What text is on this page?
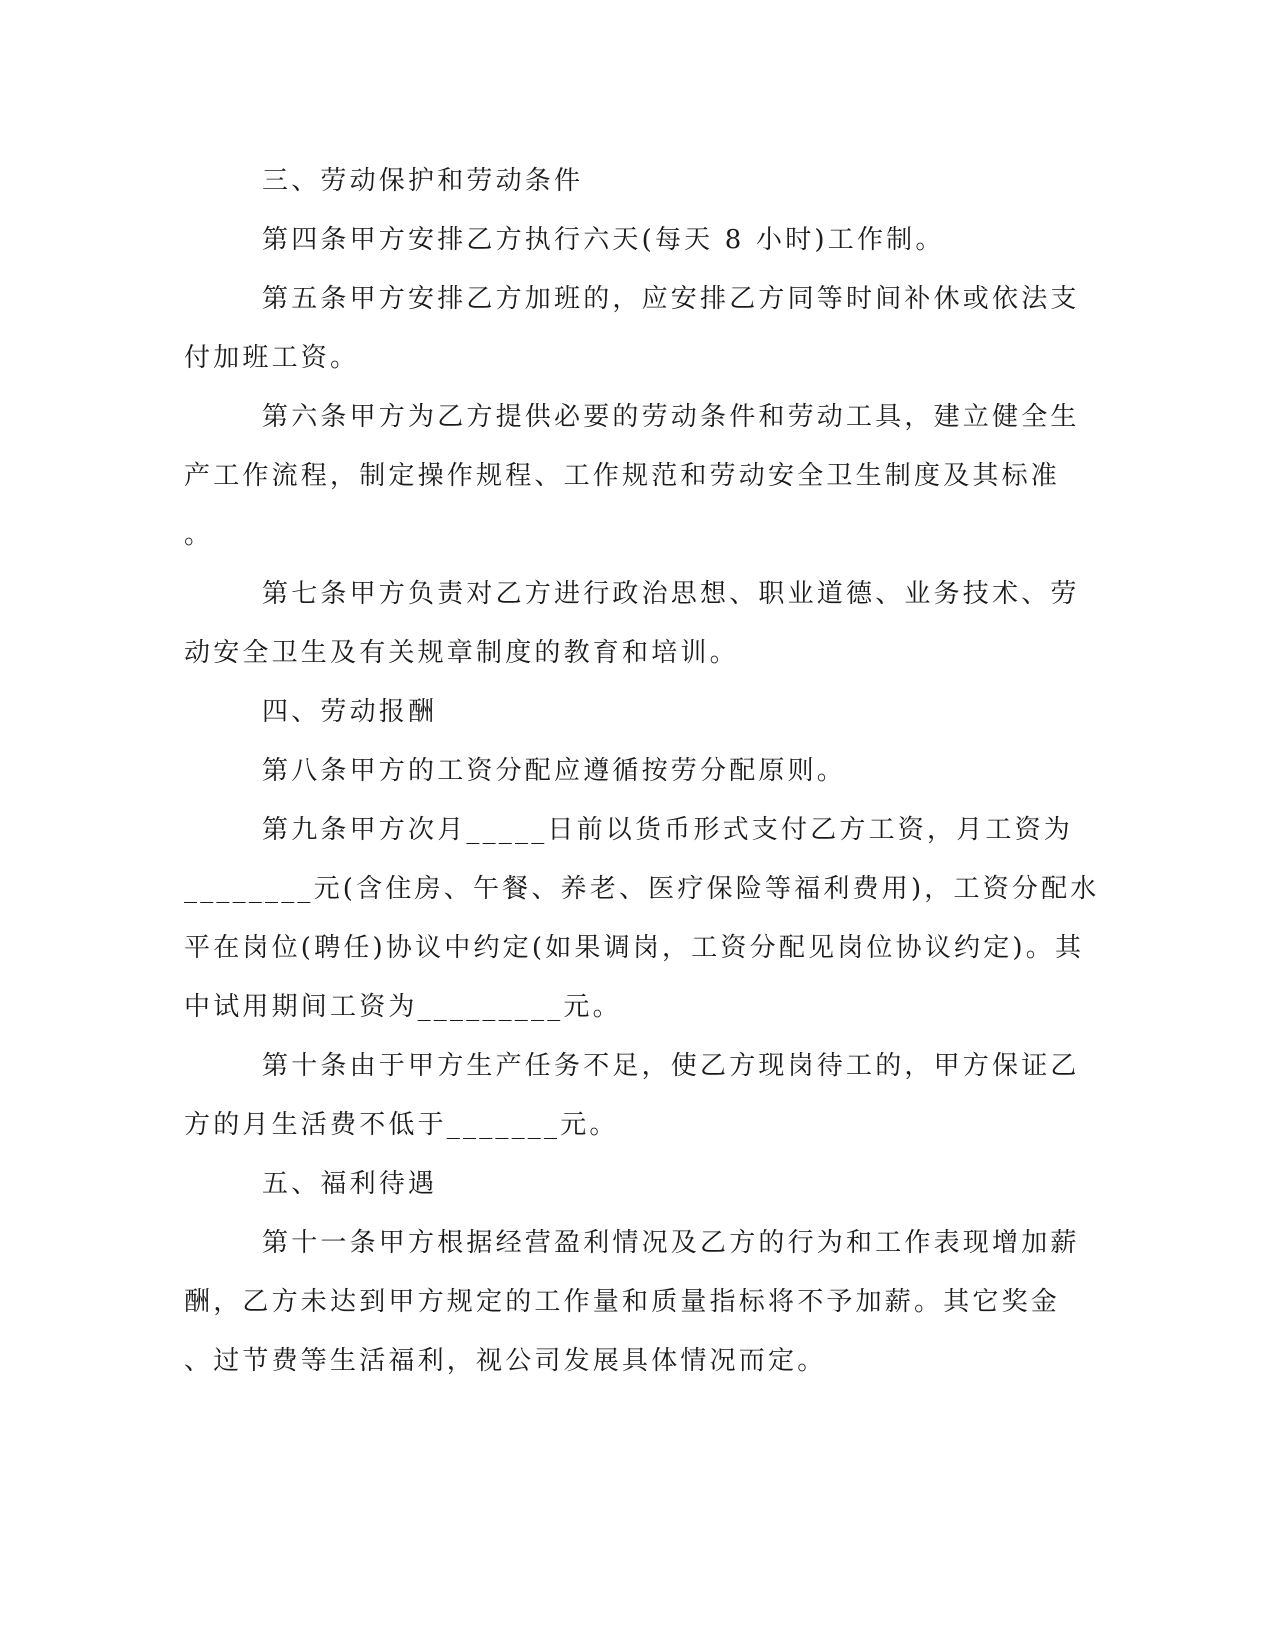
三、劳动保护和劳动条件
第四条甲方安排乙方执行六天(每天 8 小时)工作制。
第五条甲方安排乙方加班的，应安排乙方同等时间补休或依法支
付加班工资。
第六条甲方为乙方提供必要的劳动条件和劳动工具，建立健全生
产工作流程，制定操作规程、工作规范和劳动安全卫生制度及其标准
。
第七条甲方负责对乙方进行政治思想、职业道德、业务技术、劳
动安全卫生及有关规章制度的教育和培训。
四、劳动报酬
第八条甲方的工资分配应遵循按劳分配原则。
第九条甲方次月_____日前以货币形式支付乙方工资，月工资为
________元(含住房、午餐、养老、医疗保险等福利费用)，工资分配水
平在岗位(聘任)协议中约定(如果调岗，工资分配见岗位协议约定)。其
中试用期间工资为_________元。
第十条由于甲方生产任务不足，使乙方现岗待工的，甲方保证乙
方的月生活费不低于_______元。
五、福利待遇
第十一条甲方根据经营盈利情况及乙方的行为和工作表现增加薪
酬，乙方未达到甲方规定的工作量和质量指标将不予加薪。其它奖金
、过节费等生活福利，视公司发展具体情况而定。
